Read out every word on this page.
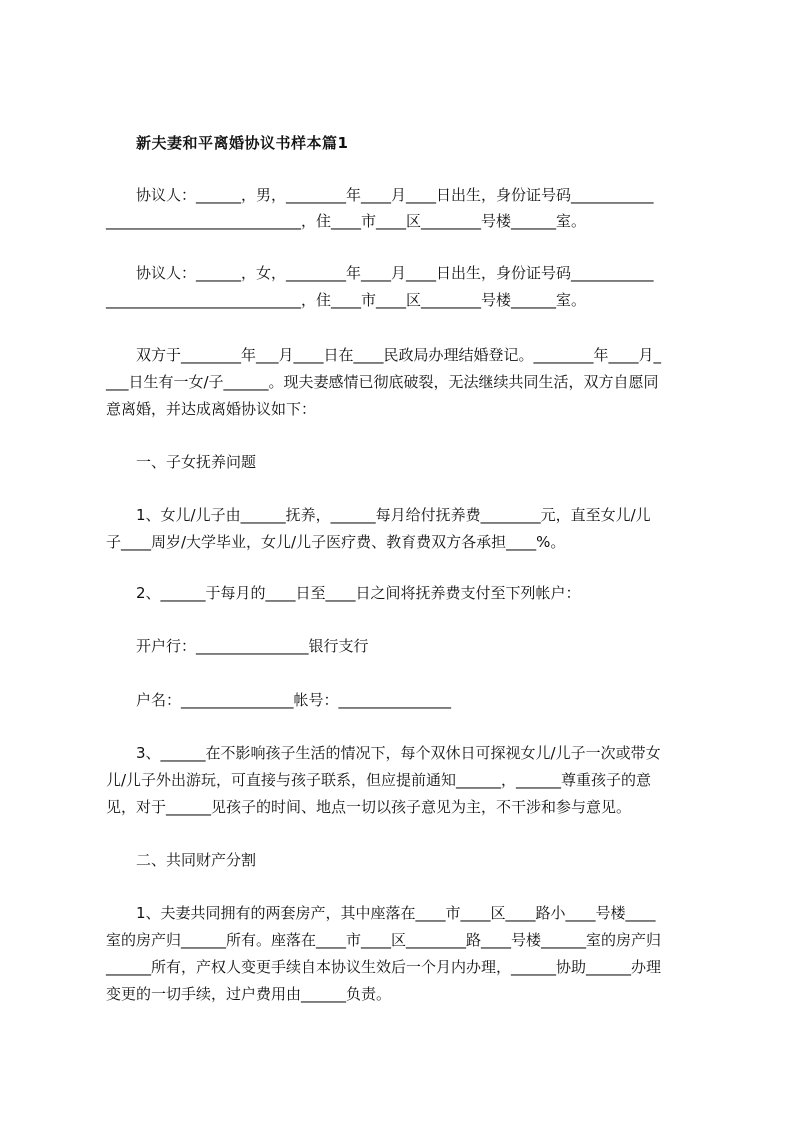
新夫妻和平离婚协议书样本篇1
　　协议人：______，男，________年____月____日出生，身份证号码___________
__________________________，住____市____区________号楼______室。
　　协议人：______，女，________年____月____日出生，身份证号码___________
__________________________，住____市____区________号楼______室。
　　双方于________年___月____日在____民政局办理结婚登记。________年____月_
___日生有一女/子______。现夫妻感情已彻底破裂，无法继续共同生活，双方自愿同
意离婚，并达成离婚协议如下：
　　一、子女抚养问题
　　1、女儿/儿子由______抚养，______每月给付抚养费________元，直至女儿/儿
子____周岁/大学毕业，女儿/儿子医疗费、教育费双方各承担____%。
　　2、______于每月的____日至____日之间将抚养费支付至下列帐户：
　　开户行：_______________银行支行
　　户名：_______________帐号：_______________
　　3、______在不影响孩子生活的情况下，每个双休日可探视女儿/儿子一次或带女
儿/儿子外出游玩，可直接与孩子联系，但应提前通知______，______尊重孩子的意
见，对于______见孩子的时间、地点一切以孩子意见为主，不干涉和参与意见。
　　二、共同财产分割
　　1、夫妻共同拥有的两套房产，其中座落在____市____区____路小____号楼____
室的房产归______所有。座落在____市____区________路____号楼______室的房产归
______所有，产权人变更手续自本协议生效后一个月内办理，______协助______办理
变更的一切手续，过户费用由______负责。
